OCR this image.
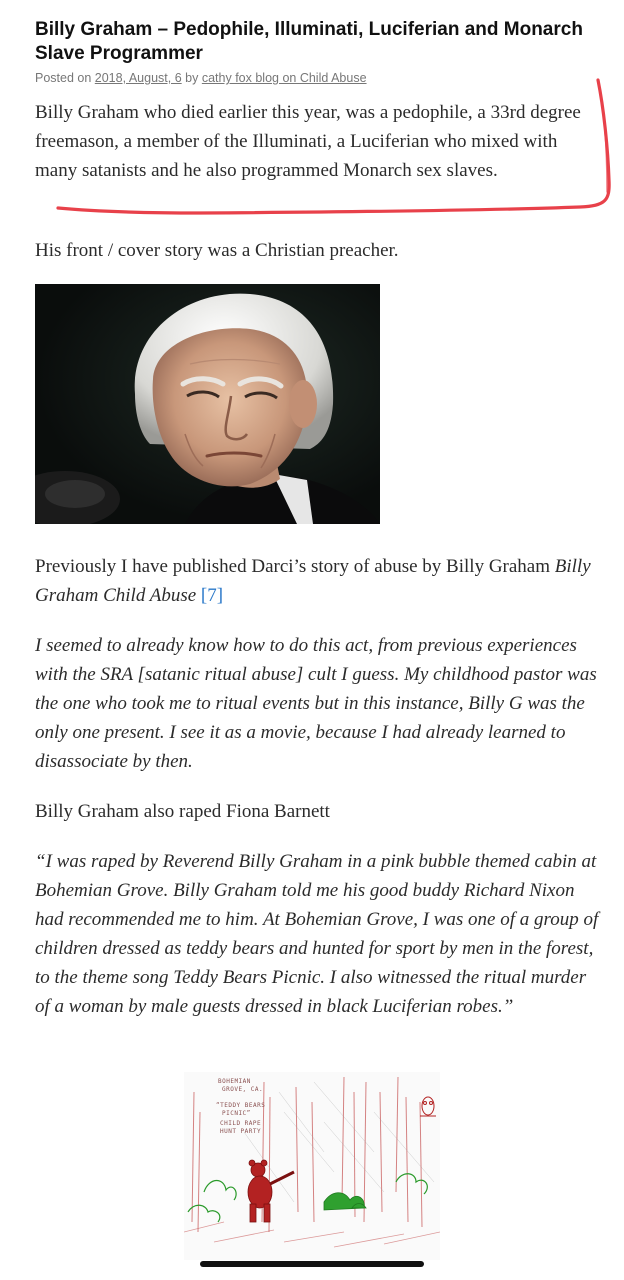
Billy Graham – Pedophile, Illuminati, Luciferian and Monarch
Slave Programmer
Posted on 2018, August, 6 by cathy fox blog on Child Abuse
Billy Graham who died earlier this year, was a pedophile, a 33rd degree freemason, a member of the Illuminati, a Luciferian who mixed with many satanists and he also programmed Monarch sex slaves.
His front / cover story was a Christian preacher.
Previously I have published Darci’s story of abuse by Billy Graham Billy Graham Child Abuse [7]
I seemed to already know how to do this act, from previous experiences with the SRA [satanic ritual abuse] cult I guess. My childhood pastor was the one who took me to ritual events but in this instance, Billy G was the only one present. I see it as a movie, because I had already learned to disassociate by then.
Billy Graham also raped Fiona Barnett
“I was raped by Reverend Billy Graham in a pink bubble themed cabin at Bohemian Grove. Billy Graham told me his good buddy Richard Nixon had recommended me to him. At Bohemian Grove, I was one of a group of children dressed as teddy bears and hunted for sport by men in the forest, to the theme song Teddy Bears Picnic. I also witnessed the ritual murder of a woman by male guests dressed in black Luciferian robes.”
BOHEMIAN
GROVE, CA.
“TEDDY BEARS
PICNIC”
CHILD RAPE
HUNT PARTY
